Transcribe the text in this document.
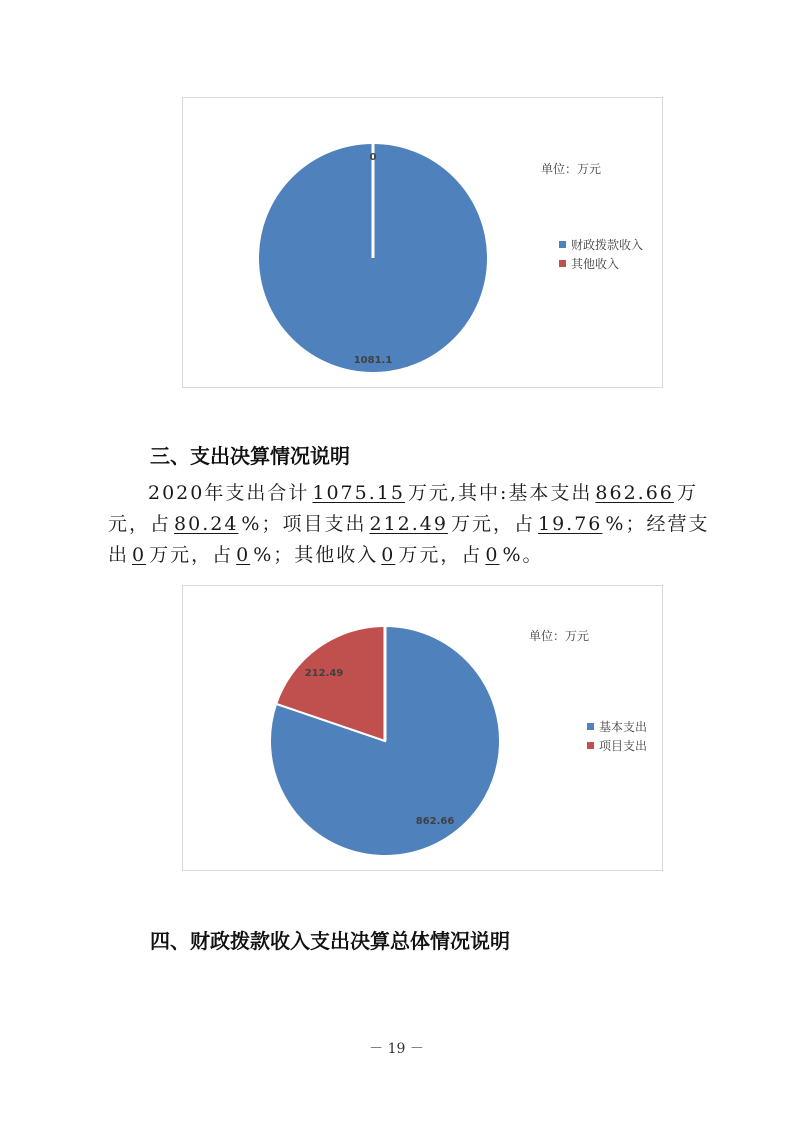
1081.1
0
单位：万元
财政拨款收入
其他收入
三、支出决算情况说明
2020年支出合计 1075.15 万元,其中:基本支出 862.66 万
元，占 80.24 %；项目支出 212.49 万元，占 19.76 %；经营支
出 0 万元，占 0 %；其他收入 0 万元，占 0 %。
862.66
212.49
单位：万元
基本支出
项目支出
四、财政拨款收入支出决算总体情况说明
－ 19 －
